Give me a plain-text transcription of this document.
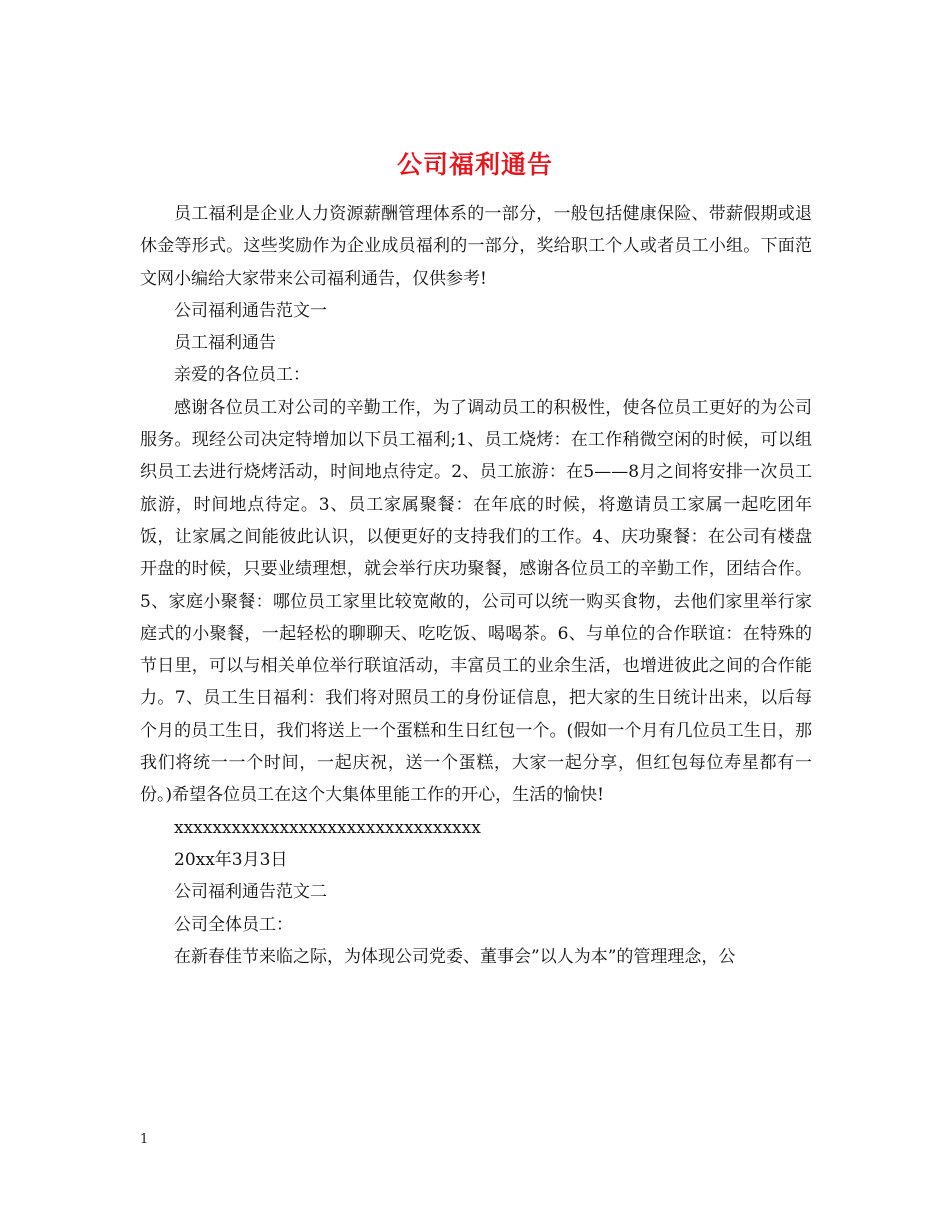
公司福利通告

员工福利是企业人力资源薪酬管理体系的一部分，一般包括健康保险、带薪假期或退休金等形式。这些奖励作为企业成员福利的一部分，奖给职工个人或者员工小组。下面范文网小编给大家带来公司福利通告，仅供参考!

公司福利通告范文一

员工福利通告

亲爱的各位员工：

感谢各位员工对公司的辛勤工作，为了调动员工的积极性，使各位员工更好的为公司服务。现经公司决定特增加以下员工福利;1、员工烧烤：在工作稍微空闲的时候，可以组织员工去进行烧烤活动，时间地点待定。2、员工旅游：在5——8月之间将安排一次员工旅游，时间地点待定。3、员工家属聚餐：在年底的时候，将邀请员工家属一起吃团年饭，让家属之间能彼此认识，以便更好的支持我们的工作。4、庆功聚餐：在公司有楼盘开盘的时候，只要业绩理想，就会举行庆功聚餐，感谢各位员工的辛勤工作，团结合作。5、家庭小聚餐：哪位员工家里比较宽敞的，公司可以统一购买食物，去他们家里举行家庭式的小聚餐，一起轻松的聊聊天、吃吃饭、喝喝茶。6、与单位的合作联谊：在特殊的节日里，可以与相关单位举行联谊活动，丰富员工的业余生活，也增进彼此之间的合作能力。7、员工生日福利：我们将对照员工的身份证信息，把大家的生日统计出来，以后每个月的员工生日，我们将送上一个蛋糕和生日红包一个。(假如一个月有几位员工生日，那我们将统一一个时间，一起庆祝，送一个蛋糕，大家一起分享，但红包每位寿星都有一份。)希望各位员工在这个大集体里能工作的开心，生活的愉快!

xxxxxxxxxxxxxxxxxxxxxxxxxxxxxxxx

20xx年3月3日

公司福利通告范文二

公司全体员工：

在新春佳节来临之际，为体现公司党委、董事会”以人为本”的管理理念，公

1
